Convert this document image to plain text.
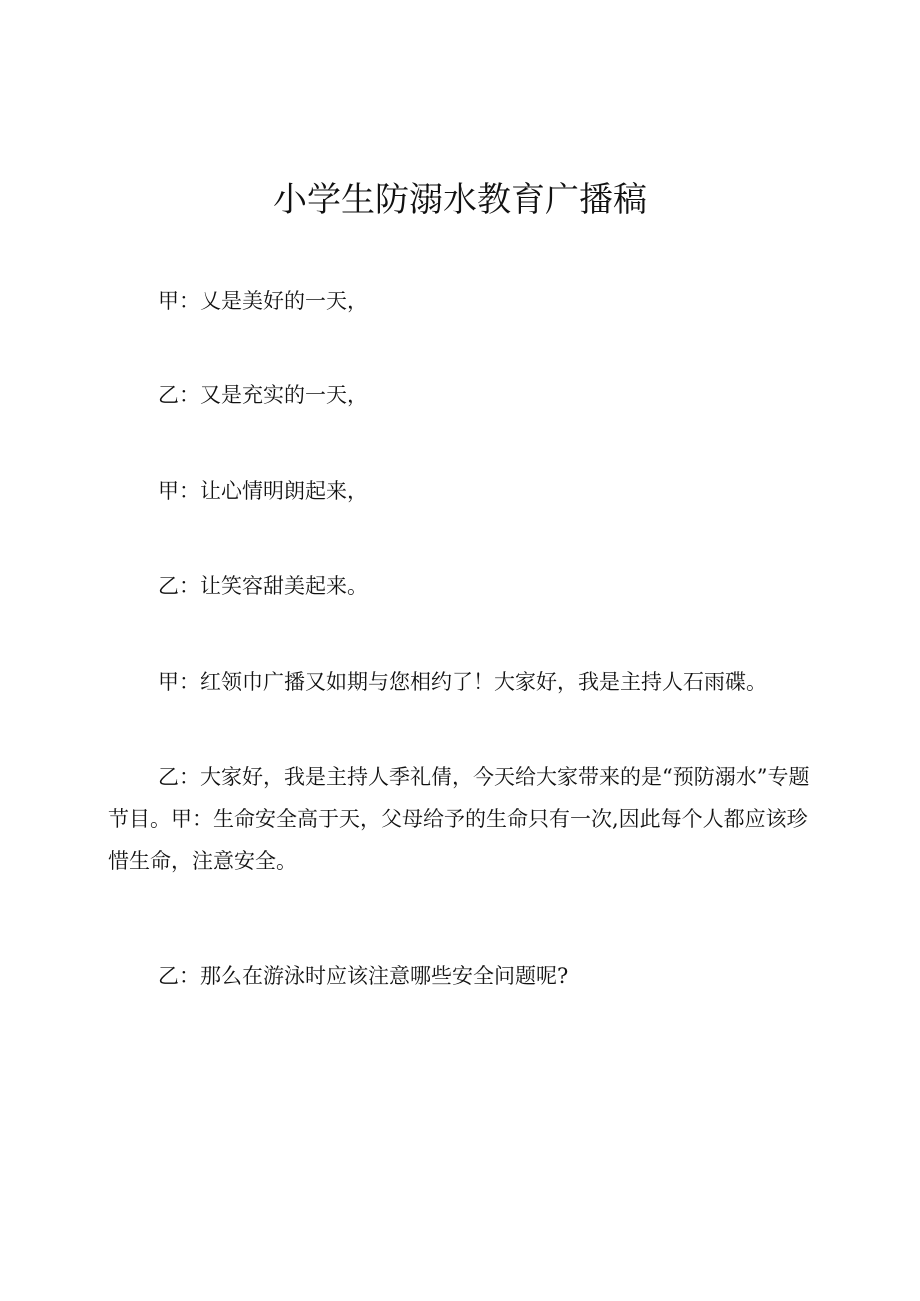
小学生防溺水教育广播稿

甲：乂是美好的一天，

乙：又是充实的一天，

甲：让心情明朗起来，

乙：让笑容甜美起来。

甲：红领巾广播又如期与您相约了！大家好，我是主持人石雨碟。

乙：大家好，我是主持人季礼倩，今天给大家带来的是“预防溺水”专题节目。甲：生命安全高于天，父母给予的生命只有一次,因此每个人都应该珍惜生命，注意安全。

乙：那么在游泳时应该注意哪些安全问题呢?
